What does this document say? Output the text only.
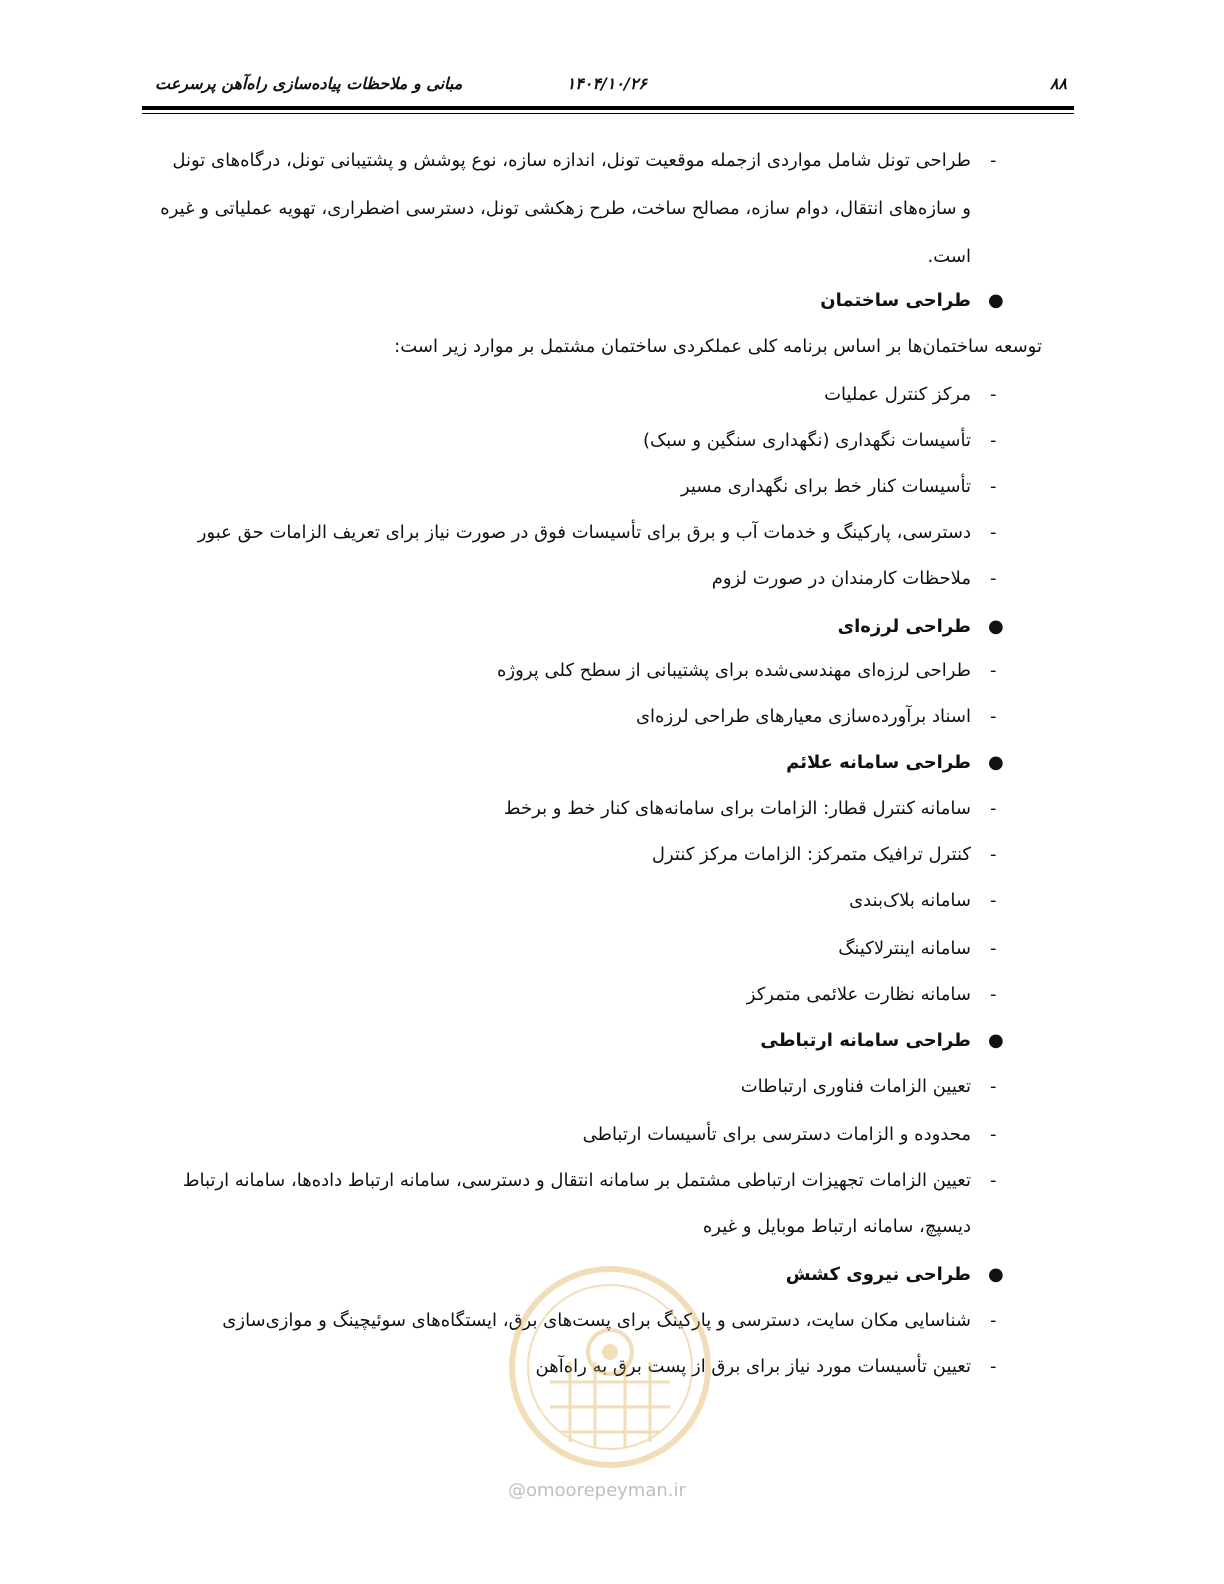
۸۸
۱۴۰۴/۱۰/۲۶
مبانی و ملاحظات پیاده‌سازی راه‌آهن پرسرعت
-
طراحی تونل شامل مواردی ازجمله موقعیت تونل، اندازه سازه، نوع پوشش و پشتیبانی تونل، درگاه‌های تونل
و سازه‌های انتقال، دوام سازه، مصالح ساخت، طرح زهکشی تونل، دسترسی اضطراری، تهویه عملیاتی و غیره
است.
●
طراحی ساختمان
توسعه ساختمان‌ها بر اساس برنامه کلی عملکردی ساختمان مشتمل بر موارد زیر است:
-
مرکز کنترل عملیات
-
تأسیسات نگهداری (نگهداری سنگین و سبک)
-
تأسیسات کنار خط برای نگهداری مسیر
-
دسترسی، پارکینگ و خدمات آب و برق برای تأسیسات فوق در صورت نیاز برای تعریف الزامات حق عبور
-
ملاحظات کارمندان در صورت لزوم
●
طراحی لرزه‌ای
-
طراحی لرزه‌ای مهندسی‌شده برای پشتیبانی از سطح کلی پروژه
-
اسناد برآورده‌سازی معیارهای طراحی لرزه‌ای
●
طراحی سامانه علائم
-
سامانه کنترل قطار: الزامات برای سامانه‌های کنار خط و برخط
-
کنترل ترافیک متمرکز: الزامات مرکز کنترل
-
سامانه بلاک‌بندی
-
سامانه اینترلاکینگ
-
سامانه نظارت علائمی متمرکز
●
طراحی سامانه ارتباطی
-
تعیین الزامات فناوری ارتباطات
-
محدوده و الزامات دسترسی برای تأسیسات ارتباطی
-
تعیین الزامات تجهیزات ارتباطی مشتمل بر سامانه انتقال و دسترسی، سامانه ارتباط داده‌ها، سامانه ارتباط
دیسپچ، سامانه ارتباط موبایل و غیره
●
طراحی نیروی کشش
-
شناسایی مکان سایت، دسترسی و پارکینگ برای پست‌های برق، ایستگاه‌های سوئیچینگ و موازی‌سازی
-
تعیین تأسیسات مورد نیاز برای برق از پست برق به راه‌آهن
@omoorepeyman.ir
